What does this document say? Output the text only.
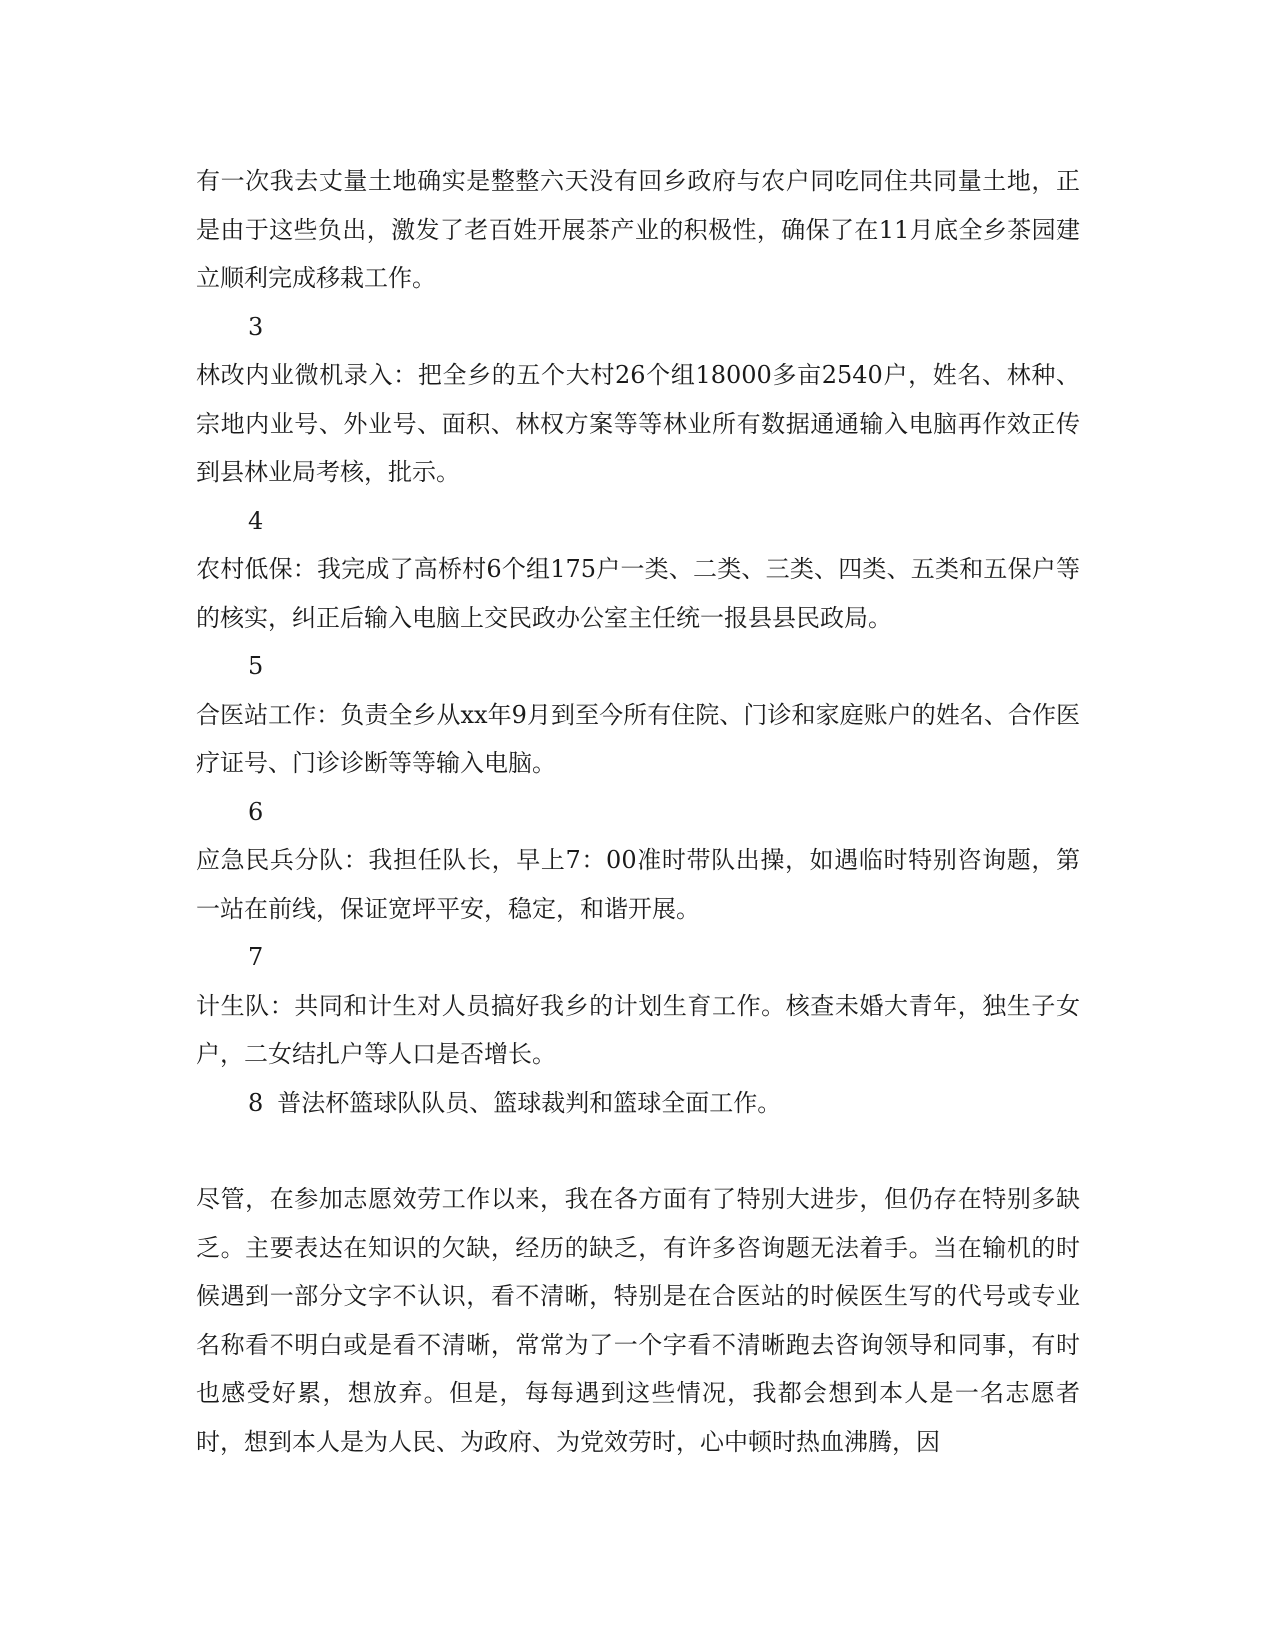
有一次我去丈量土地确实是整整六天没有回乡政府与农户同吃同住共同量土地，正是由于这些负出，激发了老百姓开展茶产业的积极性，确保了在11月底全乡茶园建立顺利完成移栽工作。

3

林改内业微机录入：把全乡的五个大村26个组18000多亩2540户，姓名、林种、宗地内业号、外业号、面积、林权方案等等林业所有数据通通输入电脑再作效正传到县林业局考核，批示。

4

农村低保：我完成了高桥村6个组175户一类、二类、三类、四类、五类和五保户等的核实，纠正后输入电脑上交民政办公室主任统一报县县民政局。

5

合医站工作：负责全乡从xx年9月到至今所有住院、门诊和家庭账户的姓名、合作医疗证号、门诊诊断等等输入电脑。

6

应急民兵分队：我担任队长，早上7：00准时带队出操，如遇临时特别咨询题，第一站在前线，保证宽坪平安，稳定，和谐开展。

7

计生队：共同和计生对人员搞好我乡的计划生育工作。核查未婚大青年，独生子女户，二女结扎户等人口是否增长。

8 普法杯篮球队队员、篮球裁判和篮球全面工作。

尽管，在参加志愿效劳工作以来，我在各方面有了特别大进步，但仍存在特别多缺乏。主要表达在知识的欠缺，经历的缺乏，有许多咨询题无法着手。当在输机的时候遇到一部分文字不认识，看不清晰，特别是在合医站的时候医生写的代号或专业名称看不明白或是看不清晰，常常为了一个字看不清晰跑去咨询领导和同事，有时也感受好累，想放弃。但是，每每遇到这些情况，我都会想到本人是一名志愿者时，想到本人是为人民、为政府、为党效劳时，心中顿时热血沸腾，因
